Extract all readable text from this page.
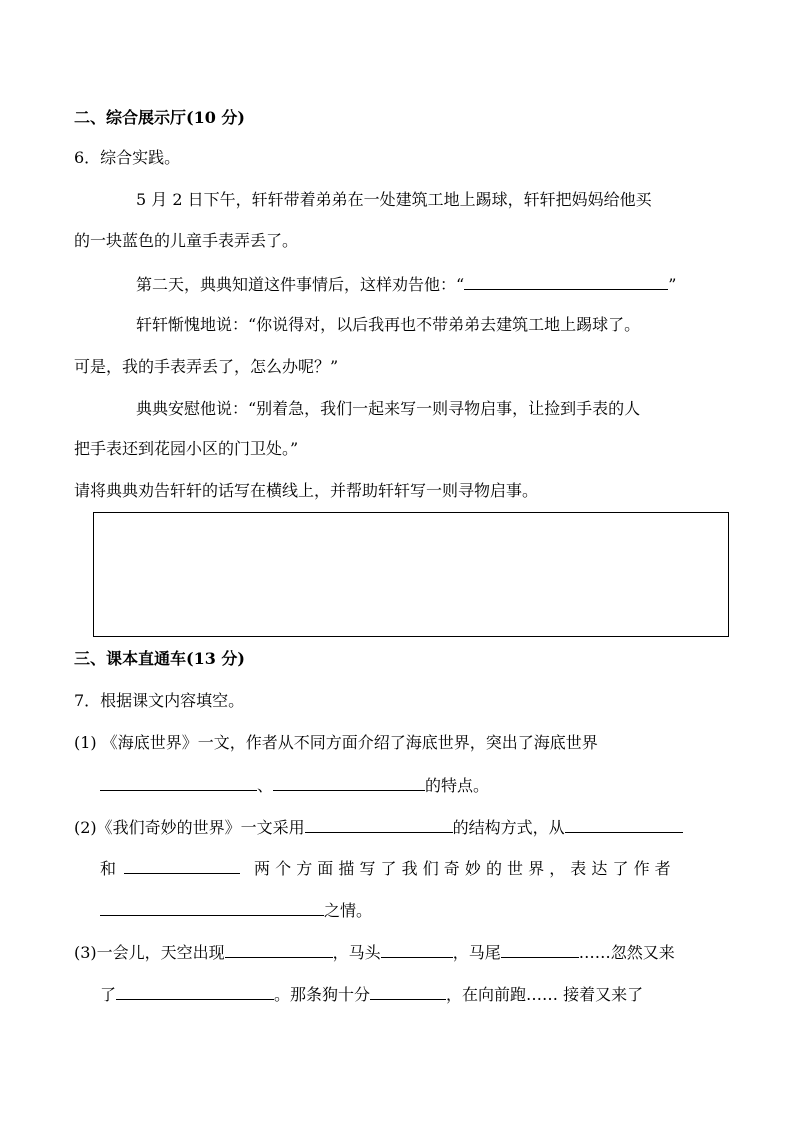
二、综合展示厅(10 分)
6．综合实践。
5 月 2 日下午，轩轩带着弟弟在一处建筑工地上踢球，轩轩把妈妈给他买
的一块蓝色的儿童手表弄丢了。
第二天，典典知道这件事情后，这样劝告他：“	”
轩轩惭愧地说：“你说得对，以后我再也不带弟弟去建筑工地上踢球了。
可是，我的手表弄丢了，怎么办呢？”
典典安慰他说：“别着急，我们一起来写一则寻物启事，让捡到手表的人
把手表还到花园小区的门卫处。”
请将典典劝告轩轩的话写在横线上，并帮助轩轩写一则寻物启事。
三、课本直通车(13 分)
7．根据课文内容填空。
(1) 《海底世界》一文，作者从不同方面介绍了海底世界，突出了海底世界
、	的特点。
(2)《我们奇妙的世界》一文采用	的结构方式，从
和	两 个 方 面 描 写 了 我 们 奇 妙 的 世 界 ， 表 达 了 作 者
之情。
(3)一会儿，天空出现	，马头	，马尾	……忽然又来
了	。那条狗十分	，在向前跑…… 接着又来了
